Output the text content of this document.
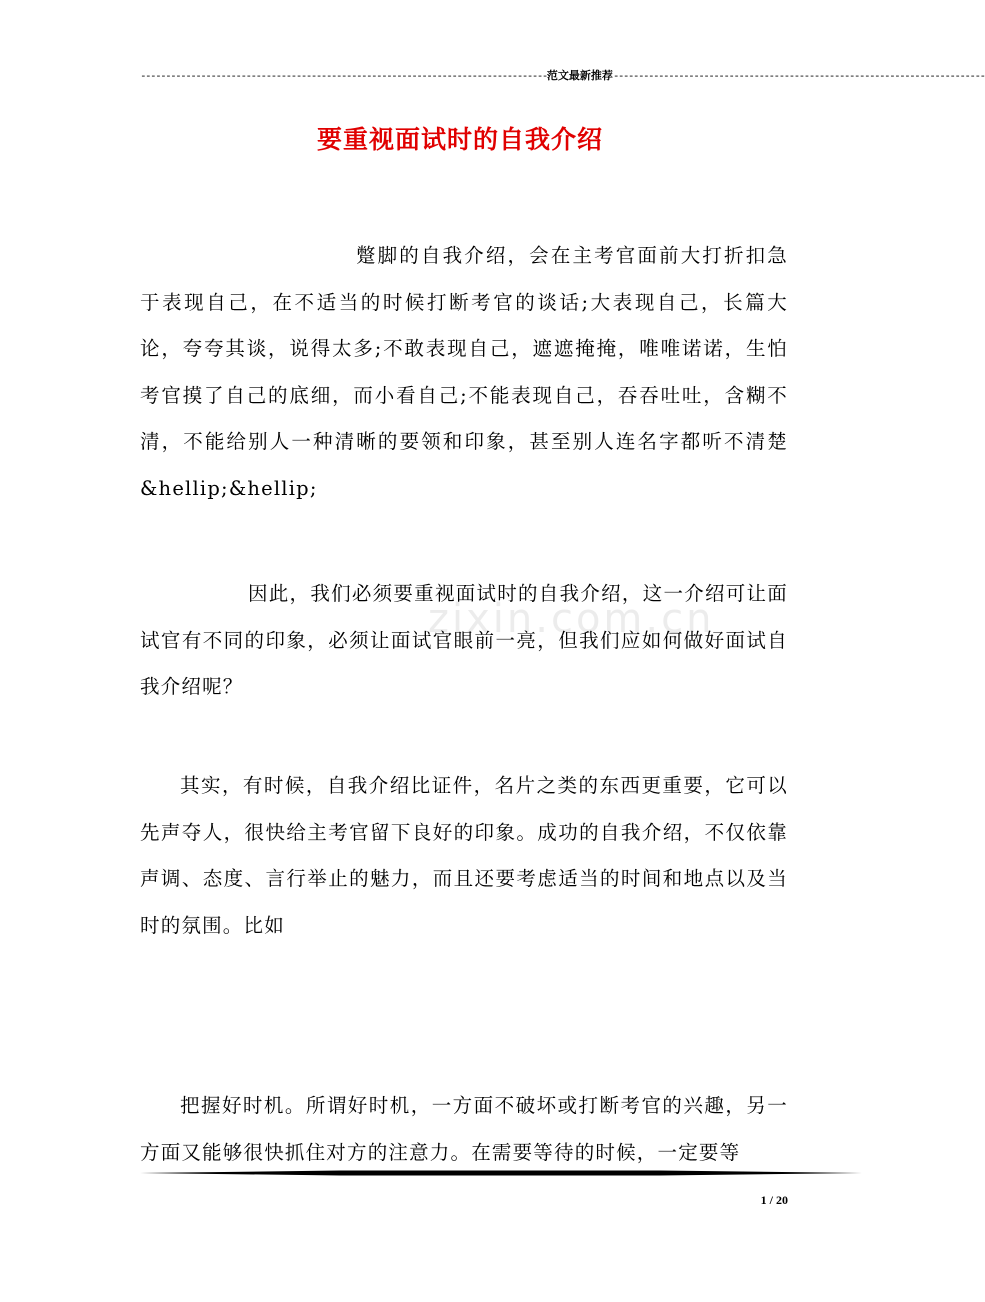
---------------------------------------------------------------------------------范文最新推荐--------------------------------------------------------------------------
要重视面试时的自我介绍
zixin.com.cn

蹩脚的自我介绍，会在主考官面前大打折扣急于表现自己，在不适当的时候打断考官的谈话;大表现自己，长篇大论，夸夸其谈，说得太多;不敢表现自己，遮遮掩掩，唯唯诺诺，生怕考官摸了自己的底细，而小看自己;不能表现自己，吞吞吐吐，含糊不清，不能给别人一种清晰的要领和印象，甚至别人连名字都听不清楚&hellip;&hellip;

因此，我们必须要重视面试时的自我介绍，这一介绍可让面试官有不同的印象，必须让面试官眼前一亮，但我们应如何做好面试自我介绍呢？

其实，有时候，自我介绍比证件，名片之类的东西更重要，它可以先声夺人，很快给主考官留下良好的印象。成功的自我介绍，不仅依靠声调、态度、言行举止的魅力，而且还要考虑适当的时间和地点以及当时的氛围。比如

把握好时机。所谓好时机，一方面不破坏或打断考官的兴趣，另一方面又能够很快抓住对方的注意力。在需要等待的时候，一定要等

1 / 20
